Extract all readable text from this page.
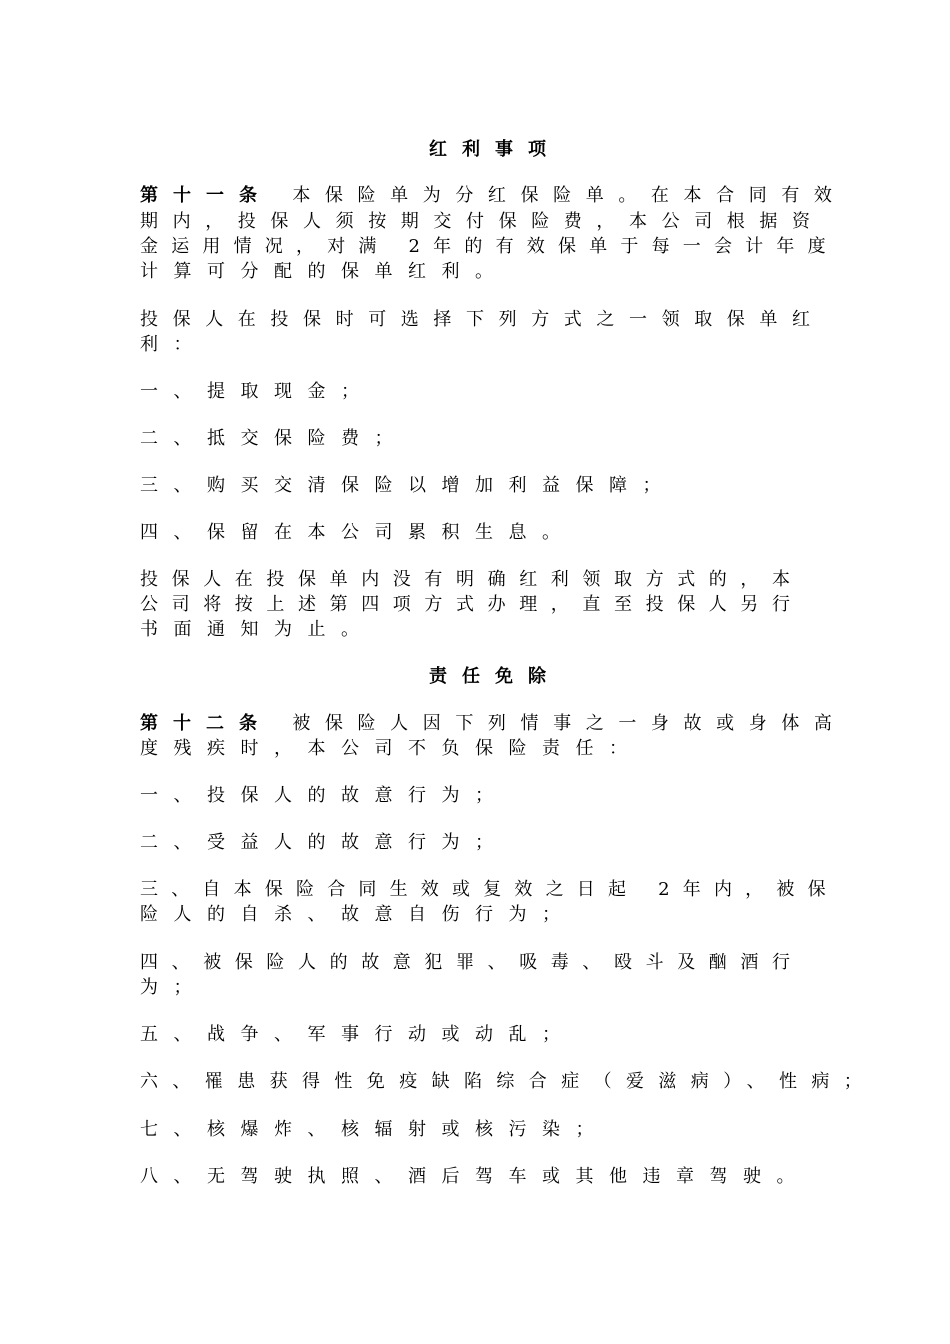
红利事项
第十一条 本保险单为分红保险单。在本合同有效
期内，投保人须按期交付保险费，本公司根据资
金运用情况，对满 2年的有效保单于每一会计年度
计算可分配的保单红利。
投保人在投保时可选择下列方式之一领取保单红
利：
一、提取现金；
二、抵交保险费；
三、购买交清保险以增加利益保障；
四、保留在本公司累积生息。
投保人在投保单内没有明确红利领取方式的，本
公司将按上述第四项方式办理，直至投保人另行
书面通知为止。
责任免除
第十二条 被保险人因下列情事之一身故或身体高
度残疾时，本公司不负保险责任：
一、投保人的故意行为；
二、受益人的故意行为；
三、自本保险合同生效或复效之日起 2年内，被保
险人的自杀、故意自伤行为；
四、被保险人的故意犯罪、吸毒、殴斗及酗酒行
为；
五、战争、军事行动或动乱；
六、罹患获得性免疫缺陷综合症（爱滋病）、性病；
七、核爆炸、核辐射或核污染；
八、无驾驶执照、酒后驾车或其他违章驾驶。
